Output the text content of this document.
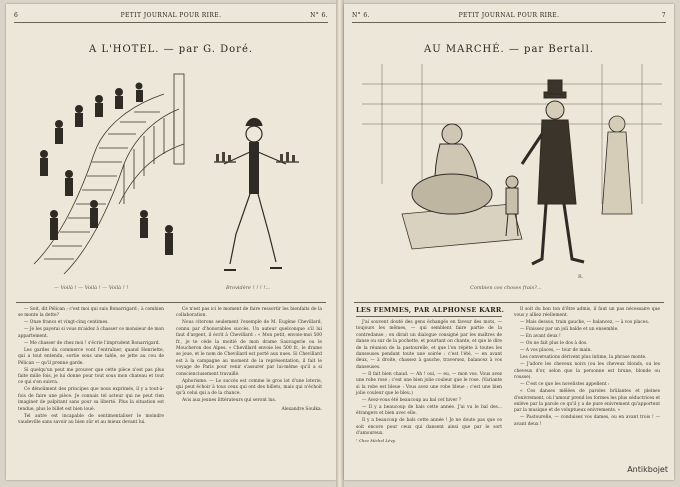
6	PETIT JOURNAL POUR RIRE.	N° 6.
A L'HOTEL. — par G. Doré.
— Voilà ! — Voilà ! — Voilà ! !	Brovidère ! ! ! !...

— Soit, dit Pélican ; c'est moi qui suis Bonarrigard ; à combien se monte la dette?

— Onze francs et vingt-cinq centimes.

— Je les payerai si vous m'aidez à chasser ce monsieur de mon appartement.

— Me chasser de chez moi ! s'écrie l'imprudent Bonarrigard.

Les gardes du commerce vont l'entraîner, quand Henriette, qui a tout entendu, sortie sous une table, se jette au cou de Pélican — qu'il prenne garde.

Si quelqu'un peut me prouver que cette pièce n'est pas plus faite mille fois, je lui donne pour tout sous mon chateau et tout ce qui s'en suivra.

Ce dénoûment des principes que nous exprimés, il y a tout-à-fois de faire une pièce. Je connais tel acteur qui ne peut rien imaginer de palpitant sans pour sa liberté. Plus la situation est tendue, plus le billet est bien loué.

Tel autre est incapable de sentimentaliser le moindre vaudeville sans savoir au bien sûr et au mieux devant lui.

Ce n'est pas ici le moment de faire ressortir les bienfaits de la collaboration.

Nous citerons seulement l'exemple de M. Eugène Chevillard, connu par d'honorables succès. Un auteur quelconque s'il lui faut d'argent, il écrit à Chevillard : « Mon petit, envoie-moi 500 fr., je te céde la moitié de mon drame Sauvagerie ou le Moucheron des Alpes. » Chevillard envoie les 500 fr., le drame se joue, et le nom de Chevillard est porté aux nues. Si Chevillard est à la campagne au moment de la représentation, il fait le voyage de Paris pour venir s'assurer par lui-même qu'il a si conscienciusement travaillé.

Aphorisme. — Le succès est comme le gros lot d'une loterie, qui peut échoir à tous ceux qui ont des billets, mais qui n'échoit qu'à celui qui a de la chance.

Avis aux jeunes littérateurs qui seront lus.

Alexandre Soulka.
N° 6.	PETIT JOURNAL POUR RIRE.	7
AU MARCHÉ. — par Bertall.
Combien ces choses frais?...
R.
LES FEMMES, PAR ALPHONSE KARR.

J'ai souvent douté des gens échangés en faveur des mots, — toujours les mêmes, — qui semblent faire partie de la contredanse ; on dirait un dialogue consigné par les maîtres de danse ou sur de la pochette, et pourtant on chante, et que le dire de la réunion de la pastourelle, et que l'on répète à toutes les danseuses pendant toute une soirée : c'est l'été, — en avant deux, — à droite, chassez à gauche, traversez, balancez à vos danseuses.

— Il fait bien chaud. — Ah ! oui, — eu, — mon vos. Vous avez une robe rose ; c'est une bien jolie couleur que le rose. (Variante si la robe est bleue : Vous avez une robe bleue ; c'est une bien jolie couleur que le bleu.)

— Avez-vous été beaucoup au bal cet hiver ?

— Il y a beaucoup de bals cette année. J'ai vu le bal des... étrangers et bien avec elle.

Il y a beaucoup de bals cette année ! Je ne doute pas que ce soit encore pour ceux qui dansent ainsi que par le sort d'amoureux.

¹ Chez Michel Lévy.

Il soit du bon ton d'être admis, il faut un pas nécessaire que vous y alliez réellement.

— Mais dessus, train gauche, — balancez, — à vos places.

— Finissez par un joli balde et un ensemble.

— En avant deux !

— On ne fait plus le dos à dos.

— A vos places, — tour de main.

Les conversations dérivent plus intime, la phrase monte.

— J'adore les cheveux noirs (ou les cheveux blonds, ou les cheveux d'or, selon que la personne est brune, blonde ou rousse).

— C'est ce que les novelistes appellent :

« Ces danses mêlées de paroles brûlantes et pleines d'enivrement, où l'amour prend les formes les plus séductrices et enlève par la parole ce qu'il y a de pure enivrement qu'apportent par la musique et de voluptueux enivrements. »

— Pastourelle, — conduisez vos dames, ou en avant trois ! — avant deux !

Antikbojet
